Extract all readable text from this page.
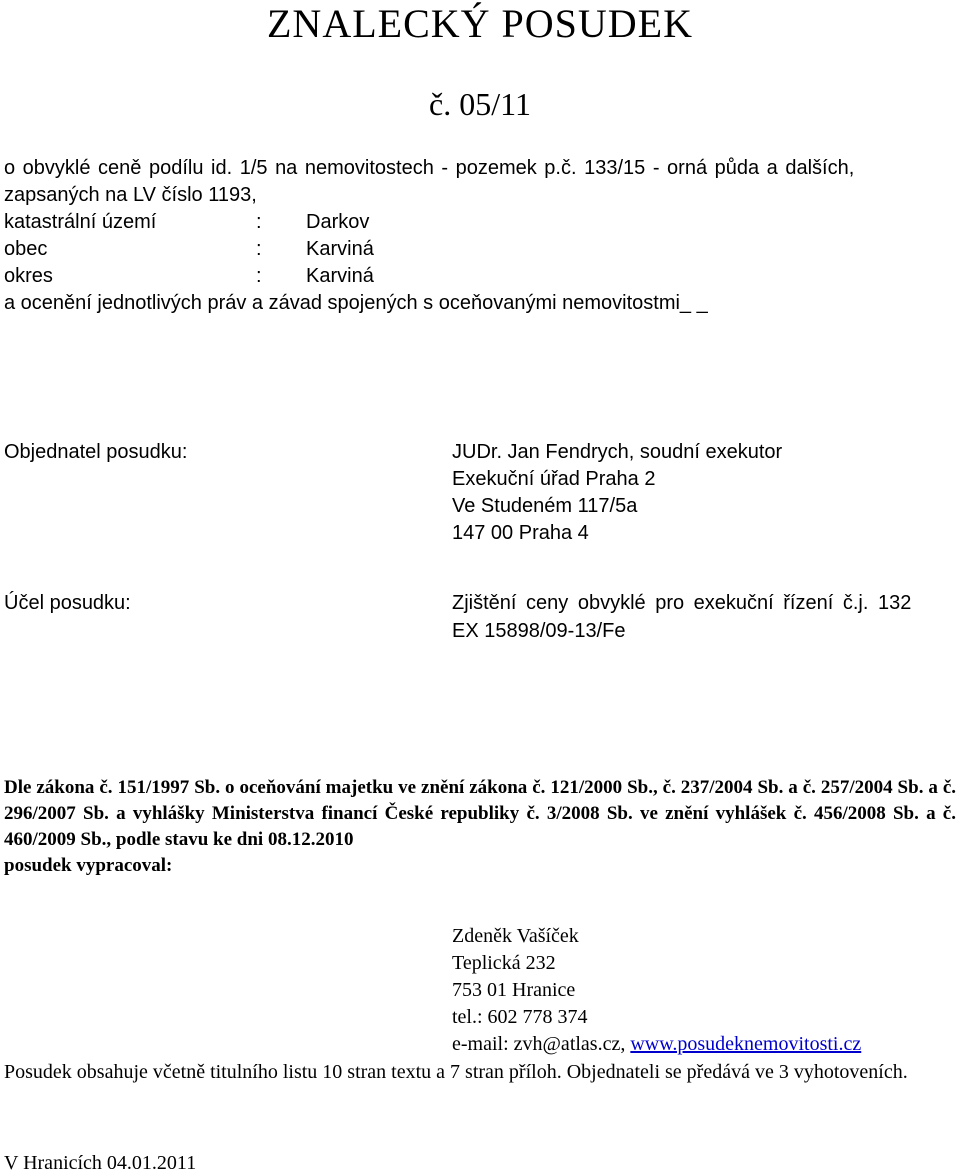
ZNALECKÝ POSUDEK
č. 05/11
o obvyklé ceně podílu id. 1/5 na nemovitostech - pozemek p.č. 133/15 - orná půda a dalších,
zapsaných na LV číslo 1193,
katastrální území	:	Darkov
obec	:	Karviná
okres	:	Karviná
a ocenění jednotlivých práv a závad spojených s oceňovanými nemovitostmi_ _
Objednatel posudku:	JUDr. Jan Fendrych, soudní exekutor
Exekuční úřad Praha 2
Ve Studeném 117/5a
147 00 Praha 4
Účel posudku:	Zjištění ceny obvyklé pro exekuční řízení č.j. 132
EX 15898/09-13/Fe
Dle zákona č. 151/1997 Sb. o oceňování majetku ve znění zákona č. 121/2000 Sb., č. 237/2004 Sb. a č. 257/2004 Sb. a č. 296/2007 Sb. a vyhlášky Ministerstva financí České republiky č. 3/2008 Sb. ve znění vyhlášek č. 456/2008 Sb. a č. 460/2009 Sb., podle stavu ke dni 08.12.2010
posudek vypracoval:
Zdeněk Vašíček
Teplická 232
753 01 Hranice
tel.: 602 778 374
e-mail: zvh@atlas.cz, www.posudeknemovitosti.cz
Posudek obsahuje včetně titulního listu 10 stran textu a 7 stran příloh. Objednateli se předává ve 3 vyhotoveních.
V Hranicích 04.01.2011
